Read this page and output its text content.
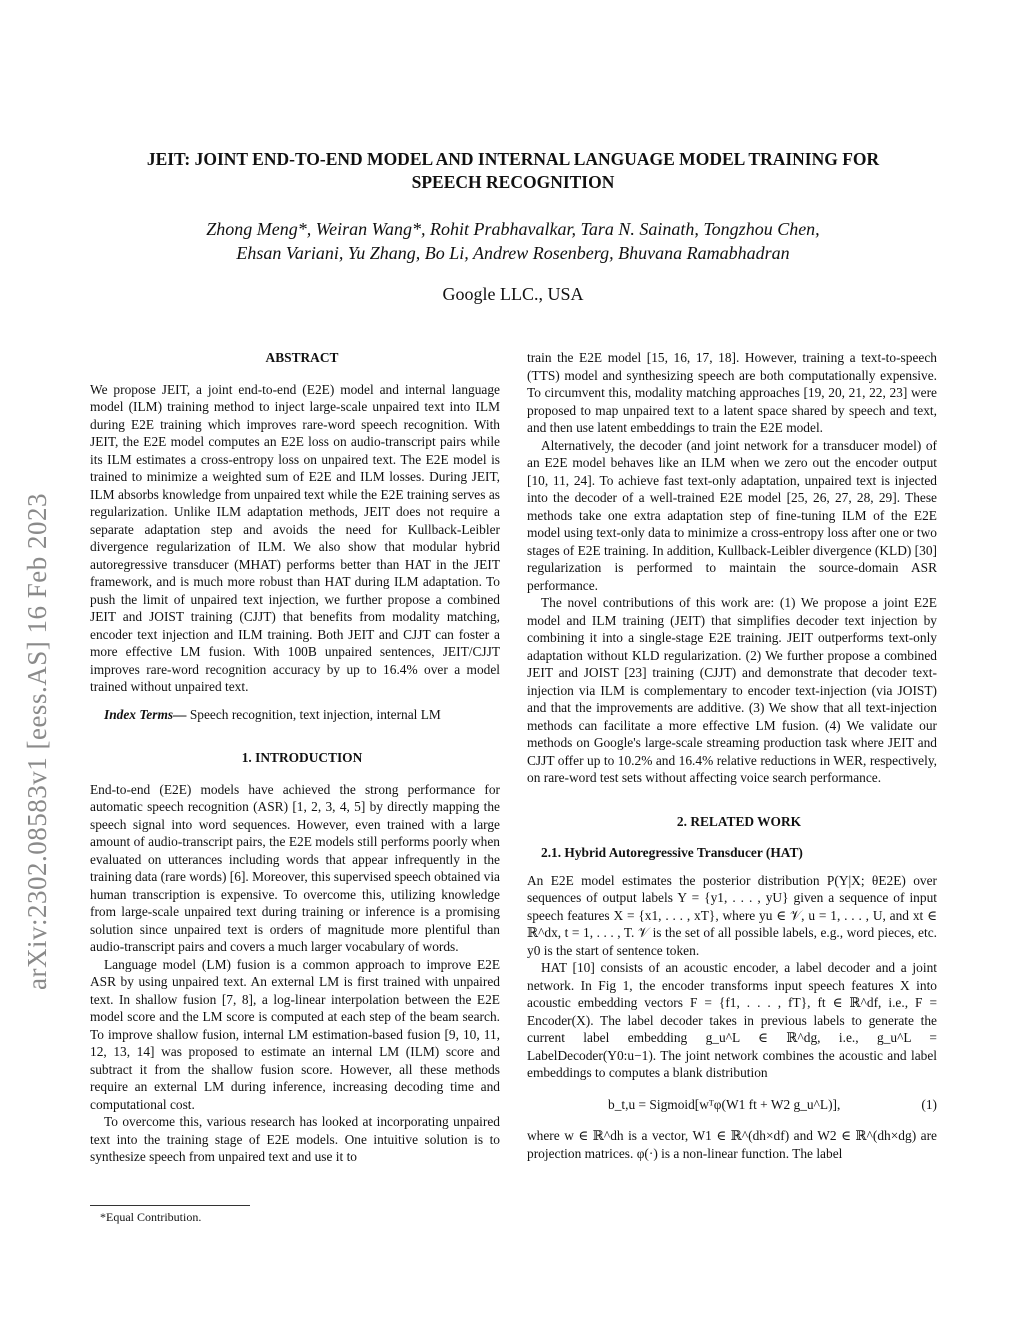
arXiv:2302.08583v1 [eess.AS] 16 Feb 2023
JEIT: JOINT END-TO-END MODEL AND INTERNAL LANGUAGE MODEL TRAINING FOR
SPEECH RECOGNITION
Zhong Meng*, Weiran Wang*, Rohit Prabhavalkar, Tara N. Sainath, Tongzhou Chen,
Ehsan Variani, Yu Zhang, Bo Li, Andrew Rosenberg, Bhuvana Ramabhadran
Google LLC., USA

ABSTRACT

We propose JEIT, a joint end-to-end (E2E) model and internal language model (ILM) training method to inject large-scale unpaired text into ILM during E2E training which improves rare-word speech recognition. With JEIT, the E2E model computes an E2E loss on audio-transcript pairs while its ILM estimates a cross-entropy loss on unpaired text. The E2E model is trained to minimize a weighted sum of E2E and ILM losses. During JEIT, ILM absorbs knowledge from unpaired text while the E2E training serves as regularization. Unlike ILM adaptation methods, JEIT does not require a separate adaptation step and avoids the need for Kullback-Leibler divergence regularization of ILM. We also show that modular hybrid autoregressive transducer (MHAT) performs better than HAT in the JEIT framework, and is much more robust than HAT during ILM adaptation. To push the limit of unpaired text injection, we further propose a combined JEIT and JOIST training (CJJT) that benefits from modality matching, encoder text injection and ILM training. Both JEIT and CJJT can foster a more effective LM fusion. With 100B unpaired sentences, JEIT/CJJT improves rare-word recognition accuracy by up to 16.4% over a model trained without unpaired text.

Index Terms— Speech recognition, text injection, internal LM

1. INTRODUCTION

End-to-end (E2E) models have achieved the strong performance for automatic speech recognition (ASR) [1, 2, 3, 4, 5] by directly mapping the speech signal into word sequences. However, even trained with a large amount of audio-transcript pairs, the E2E models still performs poorly when evaluated on utterances including words that appear infrequently in the training data (rare words) [6]. Moreover, this supervised speech obtained via human transcription is expensive. To overcome this, utilizing knowledge from large-scale unpaired text during training or inference is a promising solution since unpaired text is orders of magnitude more plentiful than audio-transcript pairs and covers a much larger vocabulary of words.

Language model (LM) fusion is a common approach to improve E2E ASR by using unpaired text. An external LM is first trained with unpaired text. In shallow fusion [7, 8], a log-linear interpolation between the E2E model score and the LM score is computed at each step of the beam search. To improve shallow fusion, internal LM estimation-based fusion [9, 10, 11, 12, 13, 14] was proposed to estimate an internal LM (ILM) score and subtract it from the shallow fusion score. However, all these methods require an external LM during inference, increasing decoding time and computational cost.

To overcome this, various research has looked at incorporating unpaired text into the training stage of E2E models. One intuitive solution is to synthesize speech from unpaired text and use it to

train the E2E model [15, 16, 17, 18]. However, training a text-to-speech (TTS) model and synthesizing speech are both computationally expensive. To circumvent this, modality matching approaches [19, 20, 21, 22, 23] were proposed to map unpaired text to a latent space shared by speech and text, and then use latent embeddings to train the E2E model.

Alternatively, the decoder (and joint network for a transducer model) of an E2E model behaves like an ILM when we zero out the encoder output [10, 11, 24]. To achieve fast text-only adaptation, unpaired text is injected into the decoder of a well-trained E2E model [25, 26, 27, 28, 29]. These methods take one extra adaptation step of fine-tuning ILM of the E2E model using text-only data to minimize a cross-entropy loss after one or two stages of E2E training. In addition, Kullback-Leibler divergence (KLD) [30] regularization is performed to maintain the source-domain ASR performance.

The novel contributions of this work are: (1) We propose a joint E2E model and ILM training (JEIT) that simplifies decoder text injection by combining it into a single-stage E2E training. JEIT outperforms text-only adaptation without KLD regularization. (2) We further propose a combined JEIT and JOIST [23] training (CJJT) and demonstrate that decoder text-injection via ILM is complementary to encoder text-injection (via JOIST) and that the improvements are additive. (3) We show that all text-injection methods can facilitate a more effective LM fusion. (4) We validate our methods on Google's large-scale streaming production task where JEIT and CJJT offer up to 10.2% and 16.4% relative reductions in WER, respectively, on rare-word test sets without affecting voice search performance.

2. RELATED WORK

2.1. Hybrid Autoregressive Transducer (HAT)

An E2E model estimates the posterior distribution P(Y|X; θE2E) over sequences of output labels Y = {y1, . . . , yU} given a sequence of input speech features X = {x1, . . . , xT}, where yu ∈ 𝒱, u = 1, . . . , U, and xt ∈ ℝ^dx, t = 1, . . . , T. 𝒱 is the set of all possible labels, e.g., word pieces, etc. y0 is the start of sentence token.

HAT [10] consists of an acoustic encoder, a label decoder and a joint network. In Fig 1, the encoder transforms input speech features X into acoustic embedding vectors F = {f1, . . . , fT}, ft ∈ ℝ^df, i.e., F = Encoder(X). The label decoder takes in previous labels to generate the current label embedding g_u^L ∈ ℝ^dg, i.e., g_u^L = LabelDecoder(Y0:u−1). The joint network combines the acoustic and label embeddings to computes a blank distribution

b_t,u = Sigmoid[wᵀφ(W1 ft + W2 g_u^L)],	(1)

where w ∈ ℝ^dh is a vector, W1 ∈ ℝ^(dh×df) and W2 ∈ ℝ^(dh×dg) are projection matrices. φ(·) is a non-linear function. The label

*Equal Contribution.
